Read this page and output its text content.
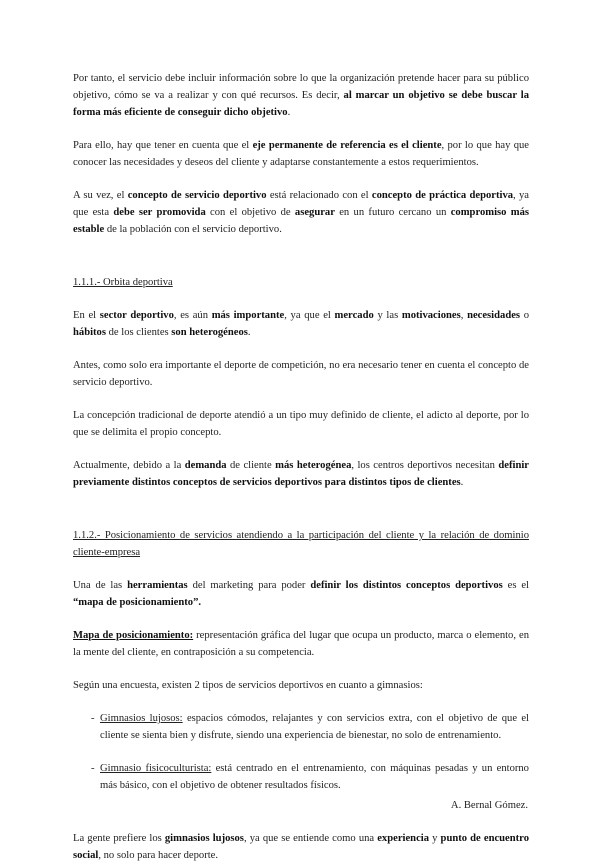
Por tanto, el servicio debe incluir información sobre lo que la organización pretende hacer para su público objetivo, cómo se va a realizar y con qué recursos. Es decir, al marcar un objetivo se debe buscar la forma más eficiente de conseguir dicho objetivo.

Para ello, hay que tener en cuenta que el eje permanente de referencia es el cliente, por lo que hay que conocer las necesidades y deseos del cliente y adaptarse constantemente a estos requerimientos.

A su vez, el concepto de servicio deportivo está relacionado con el concepto de práctica deportiva, ya que esta debe ser promovida con el objetivo de asegurar en un futuro cercano un compromiso más estable de la población con el servicio deportivo.

1.1.1.- Orbita deportiva

En el sector deportivo, es aún más importante, ya que el mercado y las motivaciones, necesidades o hábitos de los clientes son heterogéneos.

Antes, como solo era importante el deporte de competición, no era necesario tener en cuenta el concepto de servicio deportivo.

La concepción tradicional de deporte atendió a un tipo muy definido de cliente, el adicto al deporte, por lo que se delimita el propio concepto.

Actualmente, debido a la demanda de cliente más heterogénea, los centros deportivos necesitan definir previamente distintos conceptos de servicios deportivos para distintos tipos de clientes.

1.1.2.- Posicionamiento de servicios atendiendo a la participación del cliente y la relación de dominio cliente-empresa

Una de las herramientas del marketing para poder definir los distintos conceptos deportivos es el “mapa de posicionamiento”.

Mapa de posicionamiento: representación gráfica del lugar que ocupa un producto, marca o elemento, en la mente del cliente, en contraposición a su competencia.

Según una encuesta, existen 2 tipos de servicios deportivos en cuanto a gimnasios:

- Gimnasios lujosos: espacios cómodos, relajantes y con servicios extra, con el objetivo de que el cliente se sienta bien y disfrute, siendo una experiencia de bienestar, no solo de entrenamiento.
- Gimnasio fisicoculturista: está centrado en el entrenamiento, con máquinas pesadas y un entorno más básico, con el objetivo de obtener resultados físicos.

La gente prefiere los gimnasios lujosos, ya que se entiende como una experiencia y punto de encuentro social, no solo para hacer deporte.

A. Bernal Gómez.
